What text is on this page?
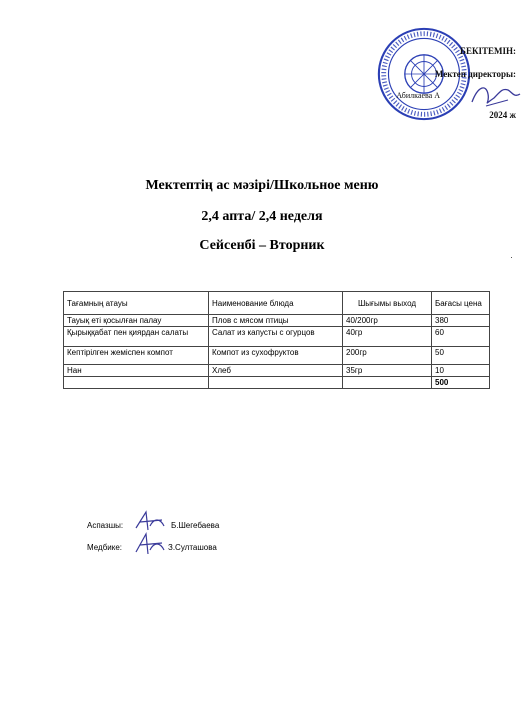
БЕКІТЕМІН:
Мектеп директоры:
Абилкаева А
2024 ж
Мектептің ас мәзірі/Школьное меню
2,4 апта/ 2,4 неделя
Сейсенбі – Вторник
Тағамның атауы	Наименование блюда	Шығымы выход	Бағасы цена
Тауық еті қосылған палау	Плов с мясом птицы	40/200гр	380
Қырыққабат пен қиярдан салаты	Салат из капусты с огурцов	40гр	60
Кептірілген жеміспен компот	Компот из сухофруктов	200гр	50
Нан	Хлеб	35гр	10
			500
Аспазшы:	Б.Шегебаева
Медбике:	З.Султашова
